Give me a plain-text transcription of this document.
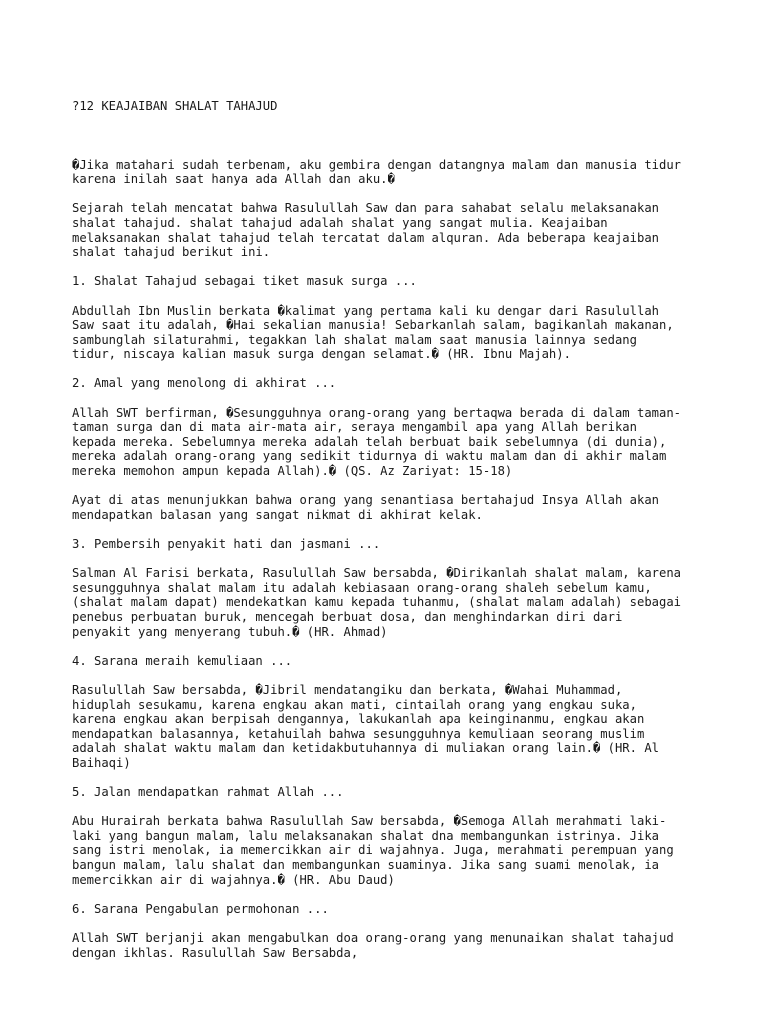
?12 KEAJAIBAN SHALAT TAHAJUD

�Jika matahari sudah terbenam, aku gembira dengan datangnya malam dan manusia tidur
karena inilah saat hanya ada Allah dan aku.�
Sejarah telah mencatat bahwa Rasulullah Saw dan para sahabat selalu melaksanakan
shalat tahajud. shalat tahajud adalah shalat yang sangat mulia. Keajaiban
melaksanakan shalat tahajud telah tercatat dalam alquran. Ada beberapa keajaiban
shalat tahajud berikut ini.
1. Shalat Tahajud sebagai tiket masuk surga ...
Abdullah Ibn Muslin berkata �kalimat yang pertama kali ku dengar dari Rasulullah
Saw saat itu adalah, �Hai sekalian manusia! Sebarkanlah salam, bagikanlah makanan,
sambunglah silaturahmi, tegakkan lah shalat malam saat manusia lainnya sedang
tidur, niscaya kalian masuk surga dengan selamat.� (HR. Ibnu Majah).
2. Amal yang menolong di akhirat ...
Allah SWT berfirman, �Sesungguhnya orang-orang yang bertaqwa berada di dalam taman-
taman surga dan di mata air-mata air, seraya mengambil apa yang Allah berikan
kepada mereka. Sebelumnya mereka adalah telah berbuat baik sebelumnya (di dunia),
mereka adalah orang-orang yang sedikit tidurnya di waktu malam dan di akhir malam
mereka memohon ampun kepada Allah).� (QS. Az Zariyat: 15-18)
Ayat di atas menunjukkan bahwa orang yang senantiasa bertahajud Insya Allah akan
mendapatkan balasan yang sangat nikmat di akhirat kelak.
3. Pembersih penyakit hati dan jasmani ...
Salman Al Farisi berkata, Rasulullah Saw bersabda, �Dirikanlah shalat malam, karena
sesungguhnya shalat malam itu adalah kebiasaan orang-orang shaleh sebelum kamu,
(shalat malam dapat) mendekatkan kamu kepada tuhanmu, (shalat malam adalah) sebagai
penebus perbuatan buruk, mencegah berbuat dosa, dan menghindarkan diri dari
penyakit yang menyerang tubuh.� (HR. Ahmad)
4. Sarana meraih kemuliaan ...
Rasulullah Saw bersabda, �Jibril mendatangiku dan berkata, �Wahai Muhammad,
hiduplah sesukamu, karena engkau akan mati, cintailah orang yang engkau suka,
karena engkau akan berpisah dengannya, lakukanlah apa keinginanmu, engkau akan
mendapatkan balasannya, ketahuilah bahwa sesungguhnya kemuliaan seorang muslim
adalah shalat waktu malam dan ketidakbutuhannya di muliakan orang lain.� (HR. Al
Baihaqi)
5. Jalan mendapatkan rahmat Allah ...
Abu Hurairah berkata bahwa Rasulullah Saw bersabda, �Semoga Allah merahmati laki-
laki yang bangun malam, lalu melaksanakan shalat dna membangunkan istrinya. Jika
sang istri menolak, ia memercikkan air di wajahnya. Juga, merahmati perempuan yang
bangun malam, lalu shalat dan membangunkan suaminya. Jika sang suami menolak, ia
memercikkan air di wajahnya.� (HR. Abu Daud)
6. Sarana Pengabulan permohonan ...
Allah SWT berjanji akan mengabulkan doa orang-orang yang menunaikan shalat tahajud
dengan ikhlas. Rasulullah Saw Bersabda,
